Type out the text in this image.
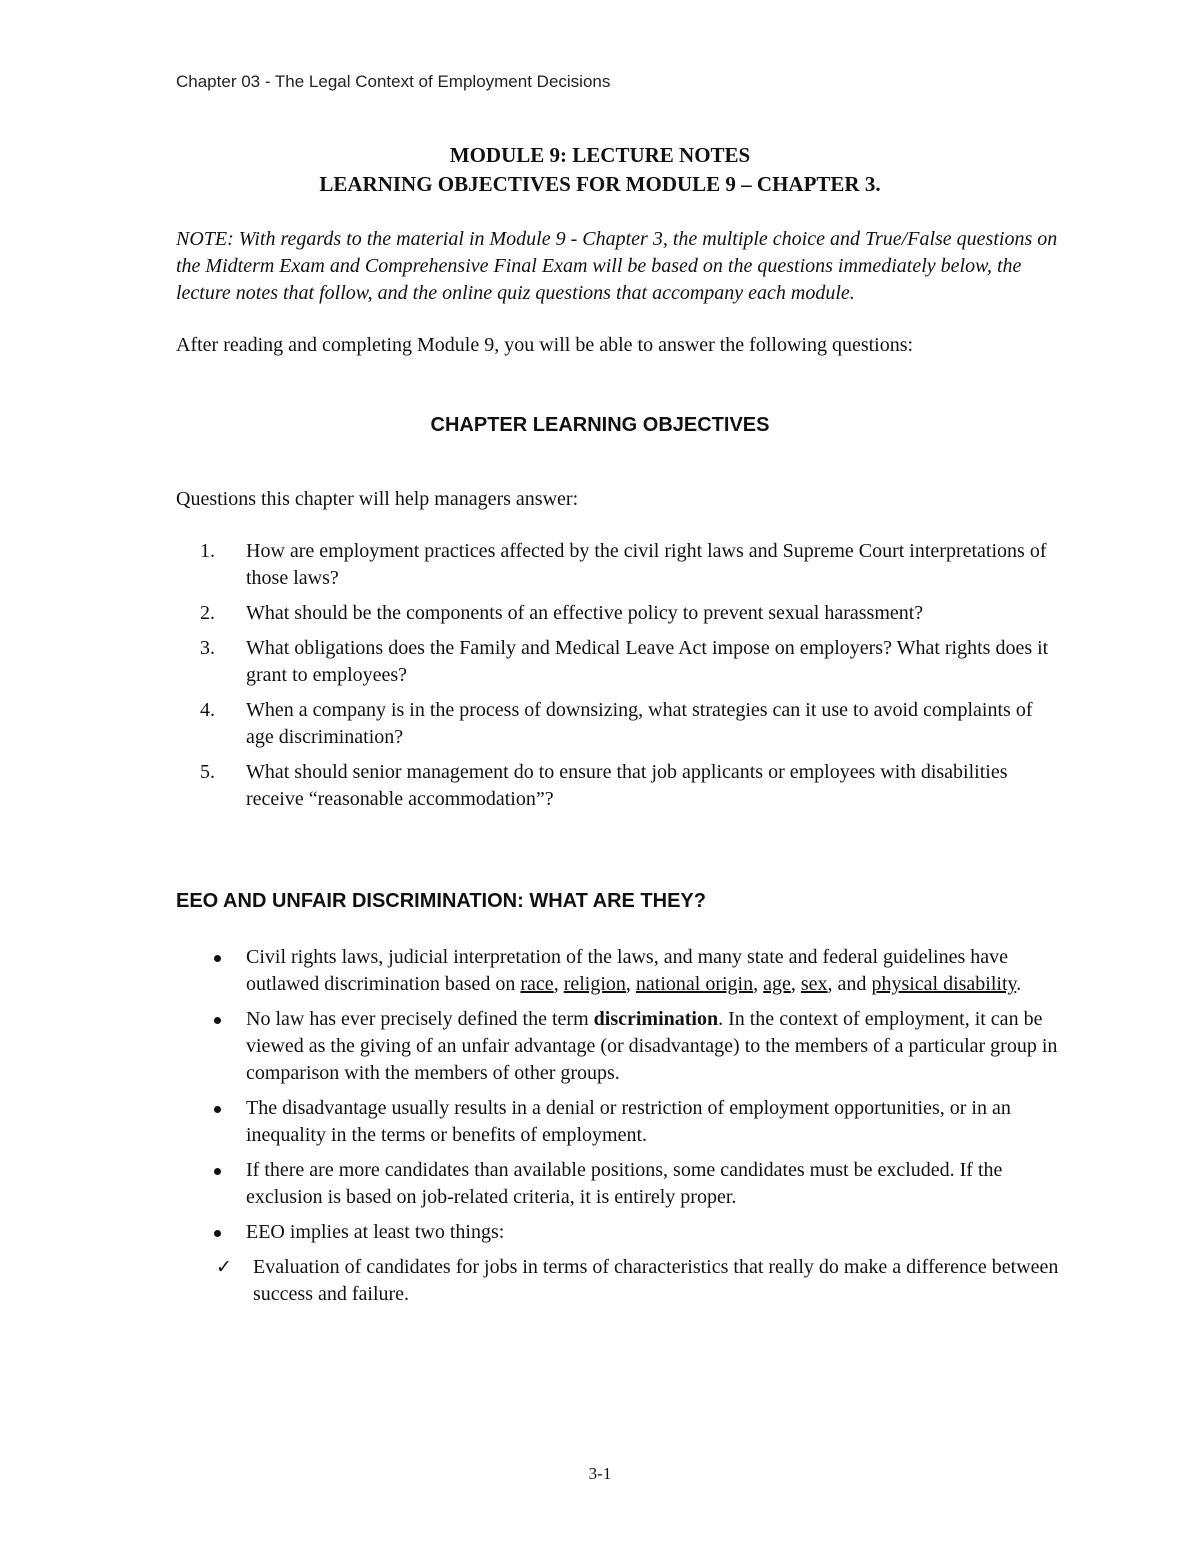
Chapter 03 - The Legal Context of Employment Decisions
MODULE 9: LECTURE NOTES
LEARNING OBJECTIVES FOR MODULE 9 – CHAPTER 3.

NOTE: With regards to the material in Module 9 - Chapter 3, the multiple choice and True/False questions on the Midterm Exam and Comprehensive Final Exam will be based on the questions immediately below, the lecture notes that follow, and the online quiz questions that accompany each module.

After reading and completing Module 9, you will be able to answer the following questions:
CHAPTER LEARNING OBJECTIVES
Questions this chapter will help managers answer:
1. How are employment practices affected by the civil right laws and Supreme Court interpretations of those laws?
2. What should be the components of an effective policy to prevent sexual harassment?
3. What obligations does the Family and Medical Leave Act impose on employers? What rights does it grant to employees?
4. When a company is in the process of downsizing, what strategies can it use to avoid complaints of age discrimination?
5. What should senior management do to ensure that job applicants or employees with disabilities receive “reasonable accommodation”?
EEO AND UNFAIR DISCRIMINATION: WHAT ARE THEY?
Civil rights laws, judicial interpretation of the laws, and many state and federal guidelines have outlawed discrimination based on race, religion, national origin, age, sex, and physical disability.
No law has ever precisely defined the term discrimination. In the context of employment, it can be viewed as the giving of an unfair advantage (or disadvantage) to the members of a particular group in comparison with the members of other groups.
The disadvantage usually results in a denial or restriction of employment opportunities, or in an inequality in the terms or benefits of employment.
If there are more candidates than available positions, some candidates must be excluded. If the exclusion is based on job-related criteria, it is entirely proper.
EEO implies at least two things:
✓ Evaluation of candidates for jobs in terms of characteristics that really do make a difference between success and failure.
3-1
